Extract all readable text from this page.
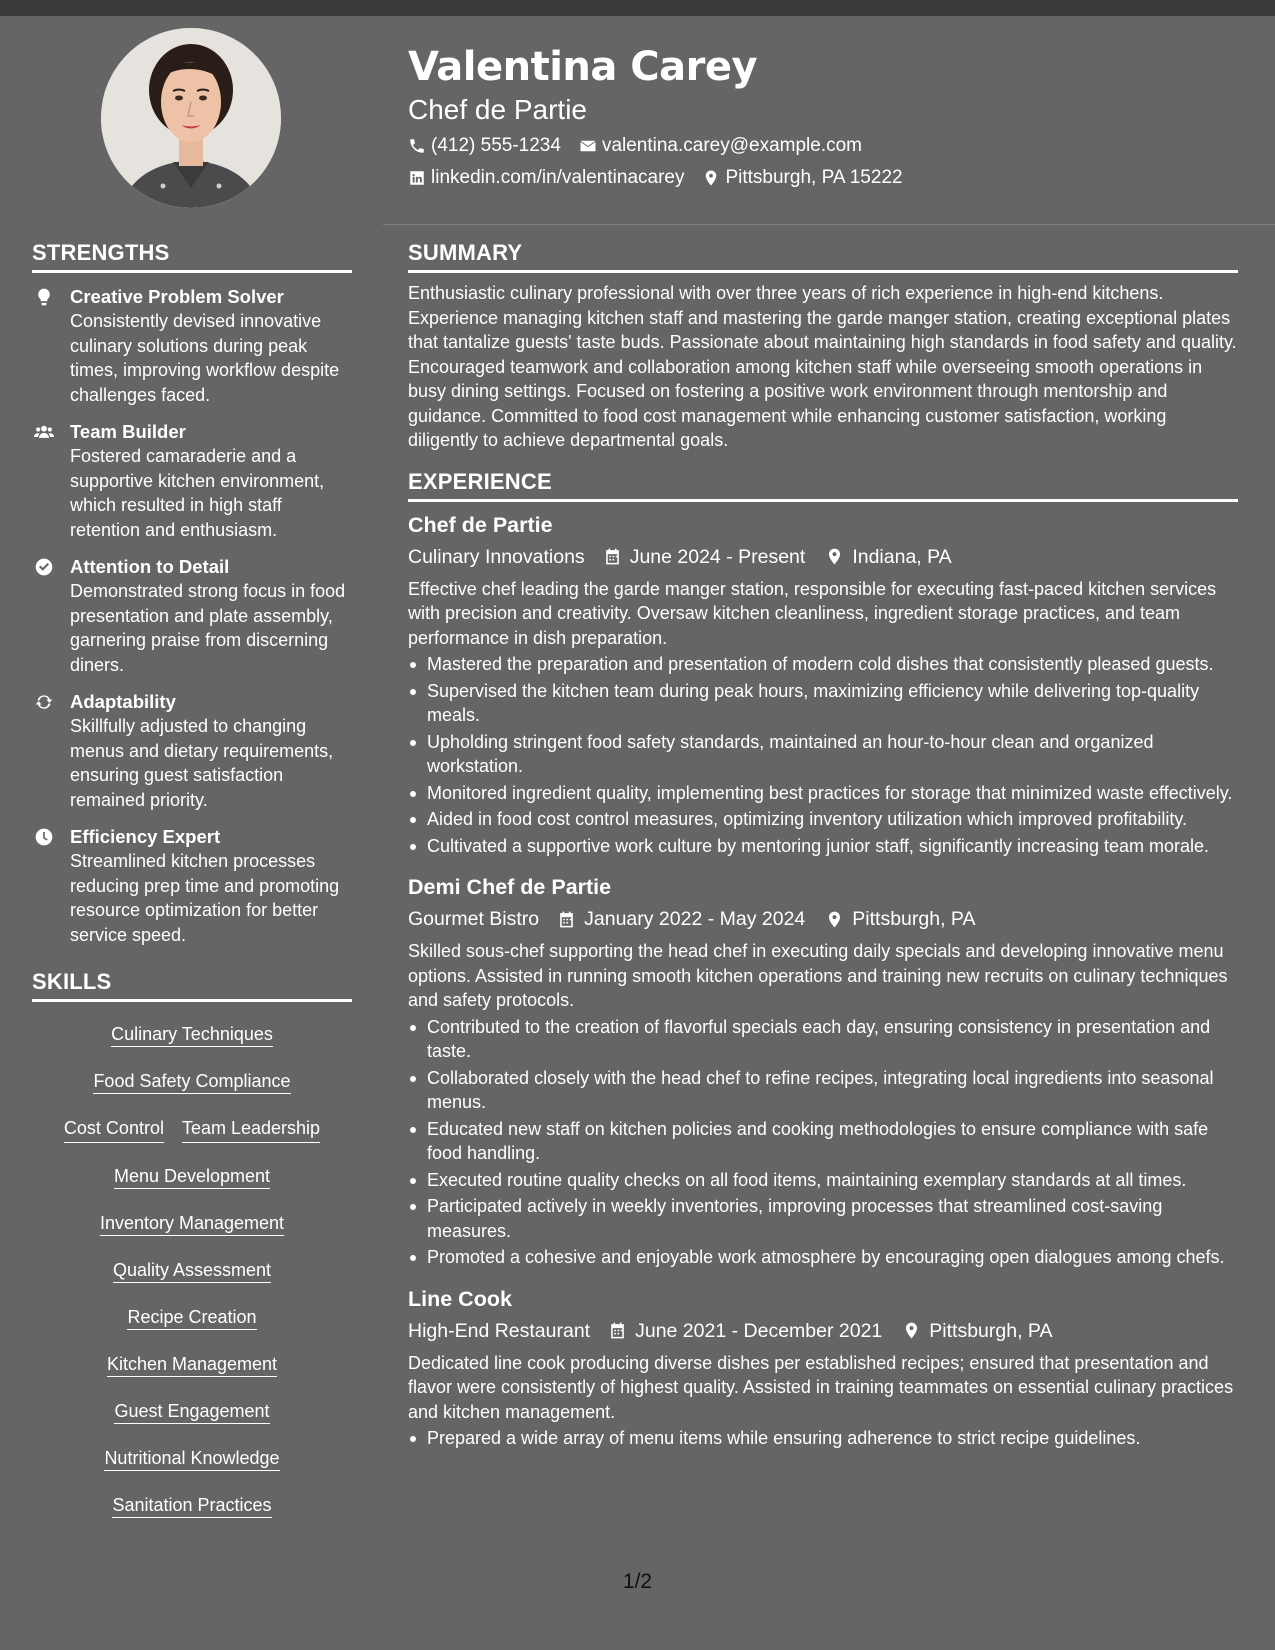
Valentina Carey
Chef de Partie
(412) 555-1234 valentina.carey@example.com
linkedin.com/in/valentinacarey Pittsburgh, PA 15222
STRENGTHS
Creative Problem Solver
Consistently devised innovative culinary solutions during peak times, improving workflow despite challenges faced.
Team Builder
Fostered camaraderie and a supportive kitchen environment, which resulted in high staff retention and enthusiasm.
Attention to Detail
Demonstrated strong focus in food presentation and plate assembly, garnering praise from discerning diners.
Adaptability
Skillfully adjusted to changing menus and dietary requirements, ensuring guest satisfaction remained priority.
Efficiency Expert
Streamlined kitchen processes reducing prep time and promoting resource optimization for better service speed.
SKILLS
Culinary Techniques
Food Safety Compliance
Cost Control Team Leadership
Menu Development
Inventory Management
Quality Assessment
Recipe Creation
Kitchen Management
Guest Engagement
Nutritional Knowledge
Sanitation Practices
SUMMARY
Enthusiastic culinary professional with over three years of rich experience in high-end kitchens. Experience managing kitchen staff and mastering the garde manger station, creating exceptional plates that tantalize guests' taste buds. Passionate about maintaining high standards in food safety and quality. Encouraged teamwork and collaboration among kitchen staff while overseeing smooth operations in busy dining settings. Focused on fostering a positive work environment through mentorship and guidance. Committed to food cost management while enhancing customer satisfaction, working diligently to achieve departmental goals.
EXPERIENCE
Chef de Partie
Culinary Innovations June 2024 - Present Indiana, PA
Effective chef leading the garde manger station, responsible for executing fast-paced kitchen services with precision and creativity. Oversaw kitchen cleanliness, ingredient storage practices, and team performance in dish preparation.
Mastered the preparation and presentation of modern cold dishes that consistently pleased guests.
Supervised the kitchen team during peak hours, maximizing efficiency while delivering top-quality meals.
Upholding stringent food safety standards, maintained an hour-to-hour clean and organized workstation.
Monitored ingredient quality, implementing best practices for storage that minimized waste effectively.
Aided in food cost control measures, optimizing inventory utilization which improved profitability.
Cultivated a supportive work culture by mentoring junior staff, significantly increasing team morale.
Demi Chef de Partie
Gourmet Bistro January 2022 - May 2024 Pittsburgh, PA
Skilled sous-chef supporting the head chef in executing daily specials and developing innovative menu options. Assisted in running smooth kitchen operations and training new recruits on culinary techniques and safety protocols.
Contributed to the creation of flavorful specials each day, ensuring consistency in presentation and taste.
Collaborated closely with the head chef to refine recipes, integrating local ingredients into seasonal menus.
Educated new staff on kitchen policies and cooking methodologies to ensure compliance with safe food handling.
Executed routine quality checks on all food items, maintaining exemplary standards at all times.
Participated actively in weekly inventories, improving processes that streamlined cost-saving measures.
Promoted a cohesive and enjoyable work atmosphere by encouraging open dialogues among chefs.
Line Cook
High-End Restaurant June 2021 - December 2021 Pittsburgh, PA
Dedicated line cook producing diverse dishes per established recipes; ensured that presentation and flavor were consistently of highest quality. Assisted in training teammates on essential culinary practices and kitchen management.
Prepared a wide array of menu items while ensuring adherence to strict recipe guidelines.
1/2
